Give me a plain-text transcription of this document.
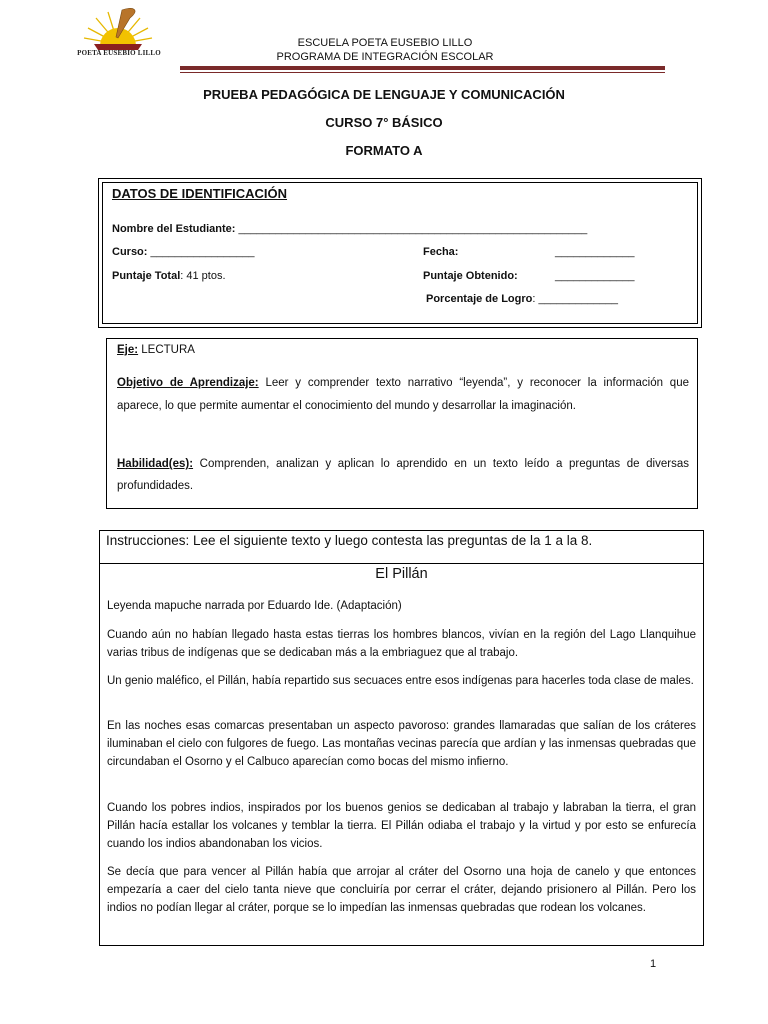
POETA EUSEBIO LILLO
ESCUELA POETA EUSEBIO LILLO
PROGRAMA DE INTEGRACIÓN ESCOLAR
PRUEBA PEDAGÓGICA DE LENGUAJE Y COMUNICACIÓN
CURSO 7° BÁSICO
FORMATO A
DATOS DE IDENTIFICACIÓN
Nombre del Estudiante: _________________________________________________________
Curso: _________________	Fecha:	_____________
Puntaje Total: 41 ptos.	Puntaje Obtenido:	_____________
Porcentaje de Logro: _____________
Eje: LECTURA
Objetivo de Aprendizaje: Leer y comprender texto narrativo “leyenda”, y reconocer la información que aparece, lo que permite aumentar el conocimiento del mundo y desarrollar la imaginación.
Habilidad(es): Comprenden, analizan y aplican lo aprendido en un texto leído a preguntas de diversas profundidades.
Instrucciones: Lee el siguiente texto y luego contesta las preguntas de la 1 a la 8.
El Pillán
Leyenda mapuche narrada por Eduardo Ide. (Adaptación)
Cuando aún no habían llegado hasta estas tierras los hombres blancos, vivían en la región del Lago Llanquihue varias tribus de indígenas que se dedicaban más a la embriaguez que al trabajo.
Un genio maléfico, el Pillán, había repartido sus secuaces entre esos indígenas para hacerles toda clase de males.
En las noches esas comarcas presentaban un aspecto pavoroso: grandes llamaradas que salían de los cráteres iluminaban el cielo con fulgores de fuego. Las montañas vecinas parecía que ardían y las inmensas quebradas que circundaban el Osorno y el Calbuco aparecían como bocas del mismo infierno.
Cuando los pobres indios, inspirados por los buenos genios se dedicaban al trabajo y labraban la tierra, el gran Pillán hacía estallar los volcanes y temblar la tierra. El Pillán odiaba el trabajo y la virtud y por esto se enfurecía cuando los indios abandonaban los vicios.
Se decía que para vencer al Pillán había que arrojar al cráter del Osorno una hoja de canelo y que entonces empezaría a caer del cielo tanta nieve que concluiría por cerrar el cráter, dejando prisionero al Pillán. Pero los indios no podían llegar al cráter, porque se lo impedían las inmensas quebradas que rodean los volcanes.
1
